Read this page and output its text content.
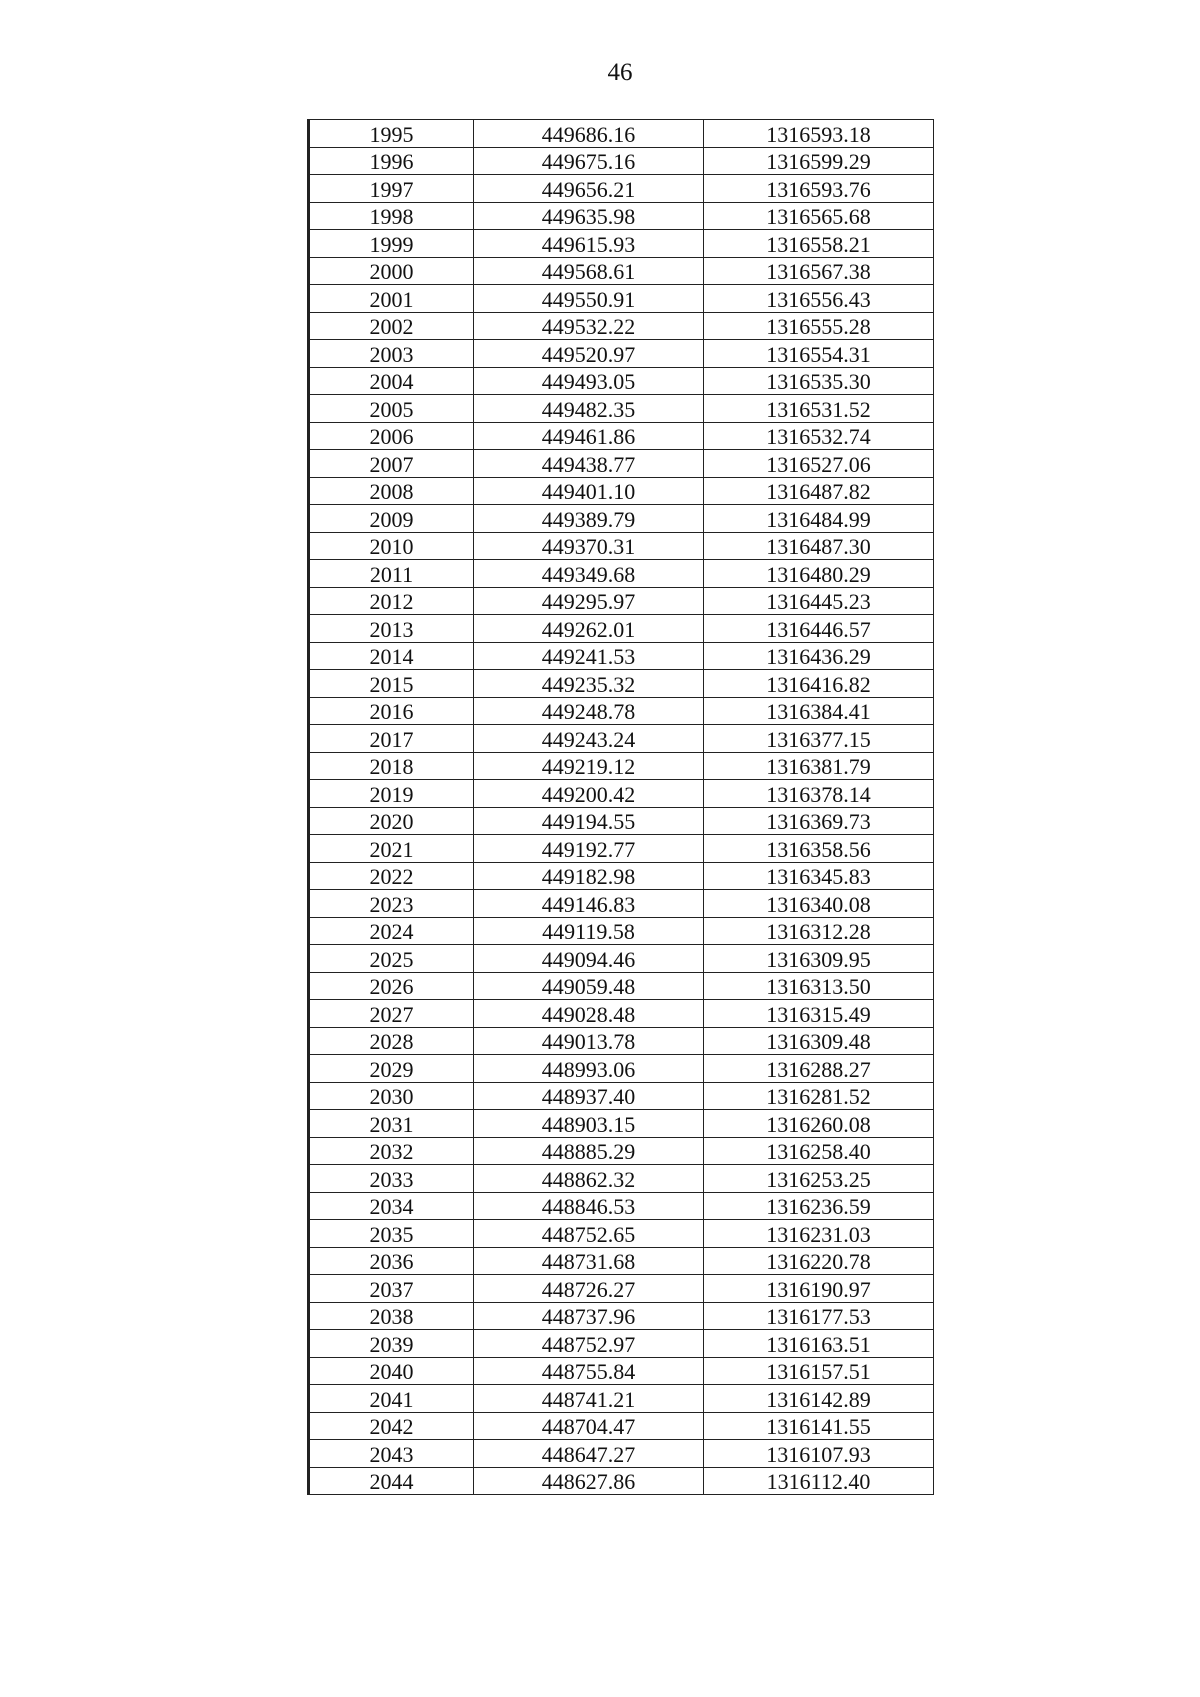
46
1995	449686.16	1316593.18
1996	449675.16	1316599.29
1997	449656.21	1316593.76
1998	449635.98	1316565.68
1999	449615.93	1316558.21
2000	449568.61	1316567.38
2001	449550.91	1316556.43
2002	449532.22	1316555.28
2003	449520.97	1316554.31
2004	449493.05	1316535.30
2005	449482.35	1316531.52
2006	449461.86	1316532.74
2007	449438.77	1316527.06
2008	449401.10	1316487.82
2009	449389.79	1316484.99
2010	449370.31	1316487.30
2011	449349.68	1316480.29
2012	449295.97	1316445.23
2013	449262.01	1316446.57
2014	449241.53	1316436.29
2015	449235.32	1316416.82
2016	449248.78	1316384.41
2017	449243.24	1316377.15
2018	449219.12	1316381.79
2019	449200.42	1316378.14
2020	449194.55	1316369.73
2021	449192.77	1316358.56
2022	449182.98	1316345.83
2023	449146.83	1316340.08
2024	449119.58	1316312.28
2025	449094.46	1316309.95
2026	449059.48	1316313.50
2027	449028.48	1316315.49
2028	449013.78	1316309.48
2029	448993.06	1316288.27
2030	448937.40	1316281.52
2031	448903.15	1316260.08
2032	448885.29	1316258.40
2033	448862.32	1316253.25
2034	448846.53	1316236.59
2035	448752.65	1316231.03
2036	448731.68	1316220.78
2037	448726.27	1316190.97
2038	448737.96	1316177.53
2039	448752.97	1316163.51
2040	448755.84	1316157.51
2041	448741.21	1316142.89
2042	448704.47	1316141.55
2043	448647.27	1316107.93
2044	448627.86	1316112.40
